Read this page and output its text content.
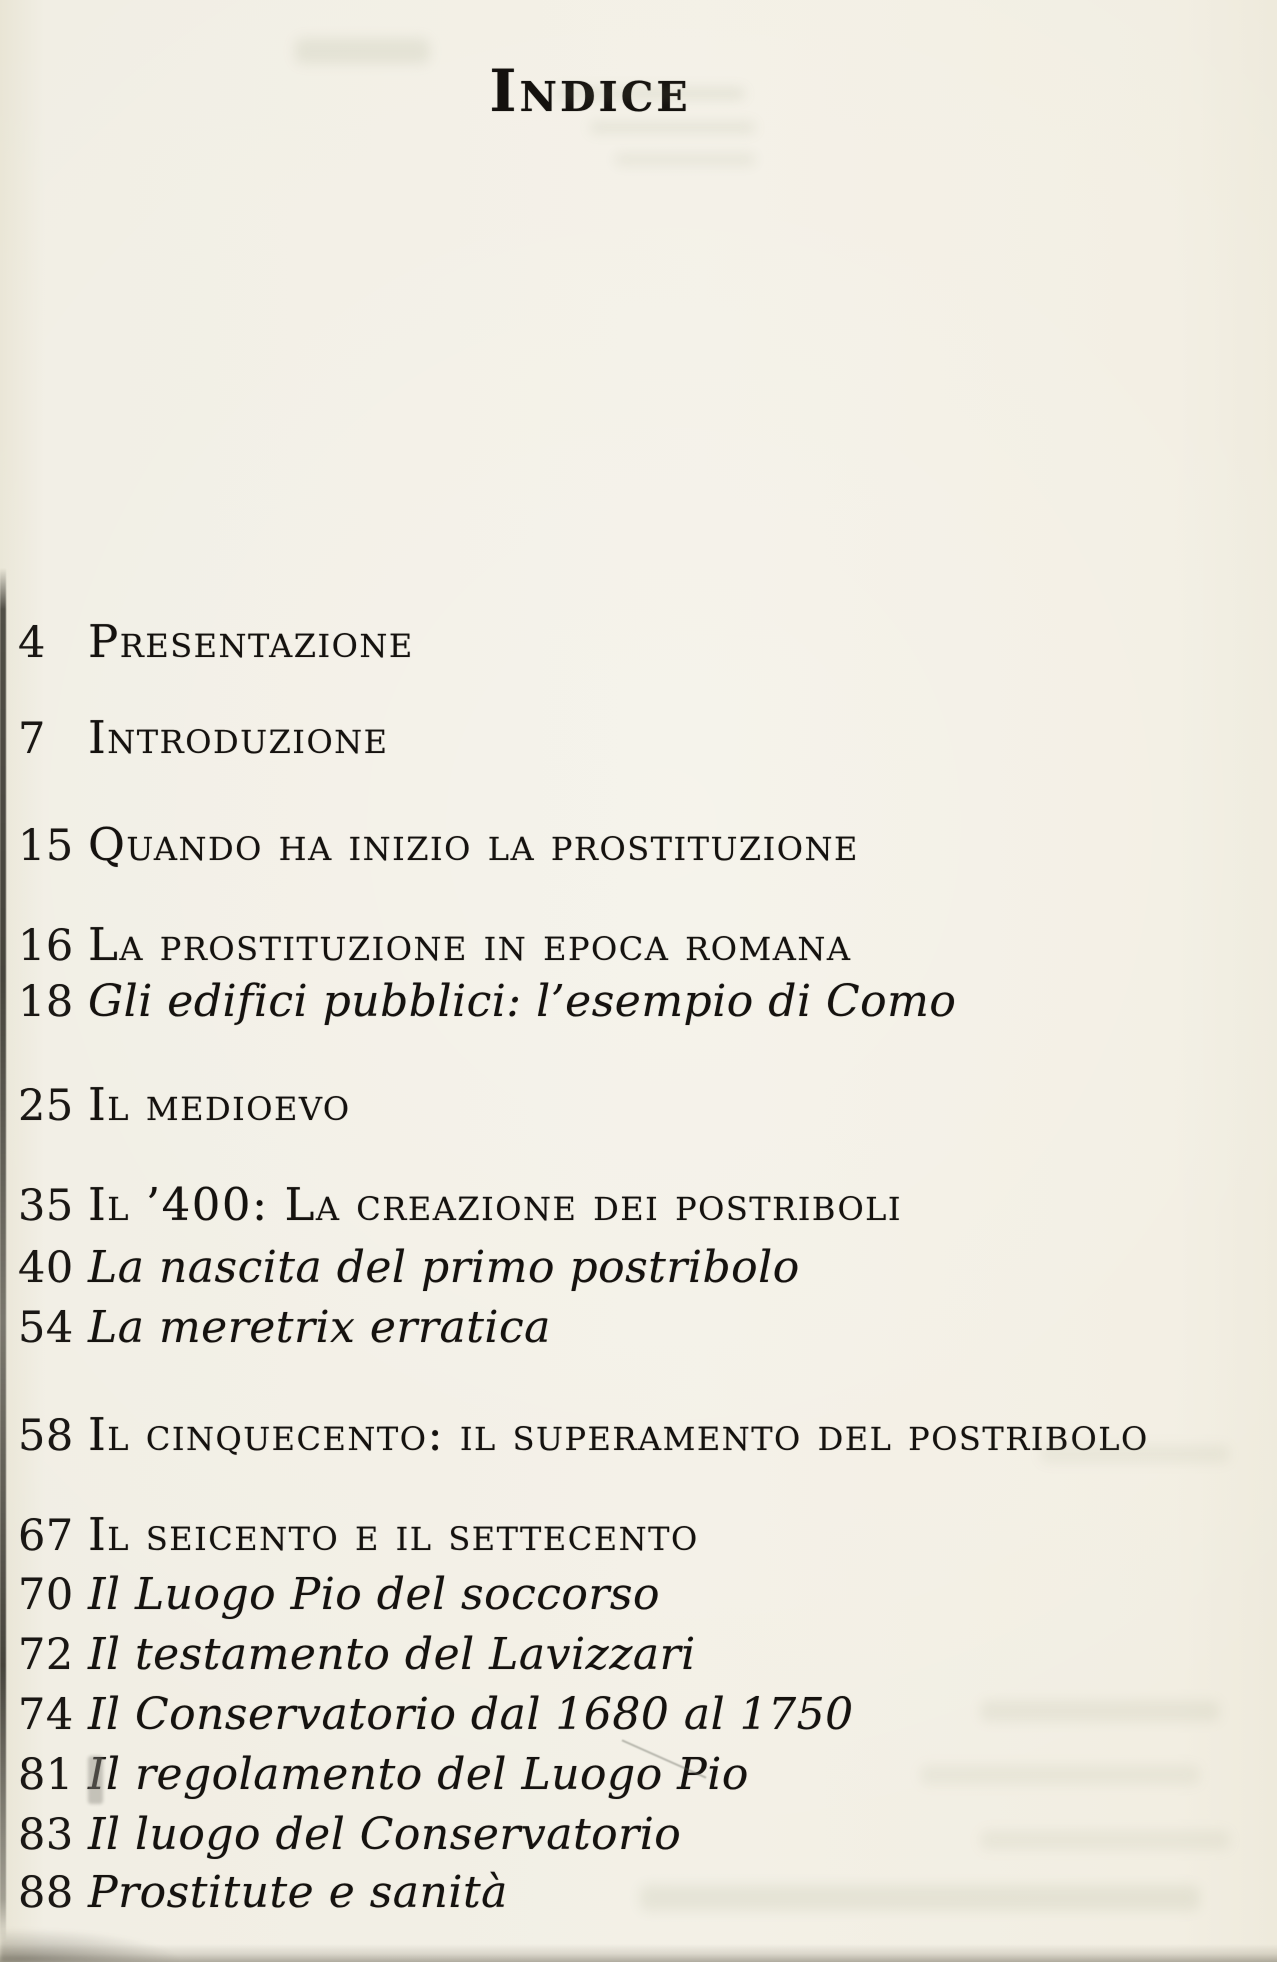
Indice
4 Presentazione
7 Introduzione
15 Quando ha inizio la prostituzione
16 La prostituzione in epoca romana
18 Gli edifici pubblici: l’esempio di Como
25 Il medioevo
35 Il ’400: La creazione dei postriboli
40 La nascita del primo postribolo
54 La meretrix erratica
58 Il cinquecento: il superamento del postribolo
67 Il seicento e il settecento
70 Il Luogo Pio del soccorso
72 Il testamento del Lavizzari
74 Il Conservatorio dal 1680 al 1750
81 Il regolamento del Luogo Pio
83 Il luogo del Conservatorio
88 Prostitute e sanità
